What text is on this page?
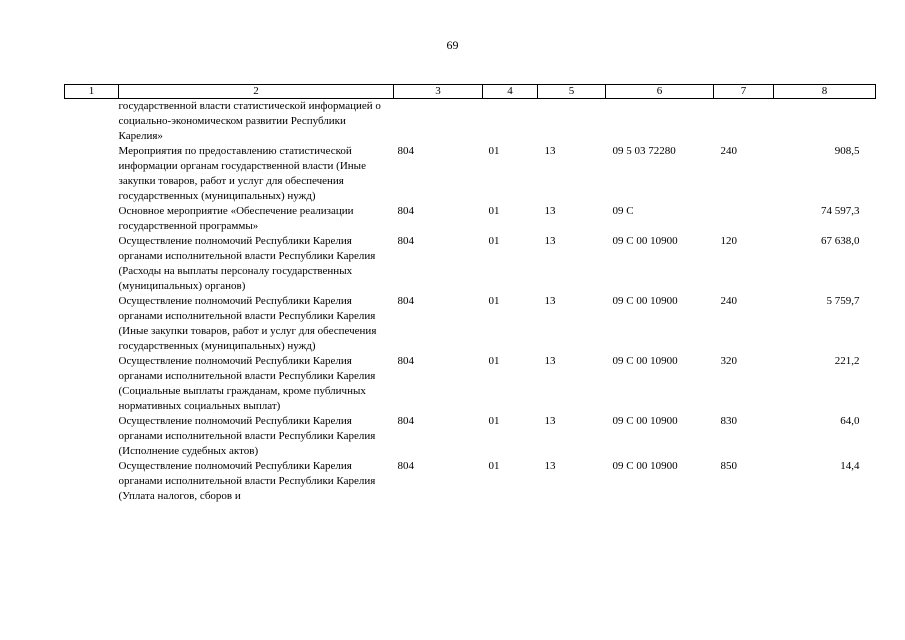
69
1	2	3	4	5	6	7	8
	государственной власти статистической информацией о социально-экономическом развитии Республики Карелия»						
	Мероприятия по предоставлению статистической информации органам государственной власти (Иные закупки товаров, работ и услуг для обеспечения государственных (муниципальных) нужд)	804	01	13	09 5 03 72280	240	908,5
	Основное мероприятие «Обеспечение реализации государственной программы»	804	01	13	09 С		74 597,3
	Осуществление полномочий Республики Карелия органами исполнительной власти Республики Карелия (Расходы на выплаты персоналу государственных (муниципальных) органов)	804	01	13	09 С 00 10900	120	67 638,0
	Осуществление полномочий Республики Карелия органами исполнительной власти Республики Карелия (Иные закупки товаров, работ и услуг для обеспечения государственных (муниципальных) нужд)	804	01	13	09 С 00 10900	240	5 759,7
	Осуществление полномочий Республики Карелия органами исполнительной власти Республики Карелия (Социальные выплаты гражданам, кроме публичных нормативных социальных выплат)	804	01	13	09 С 00 10900	320	221,2
	Осуществление полномочий Республики Карелия органами исполнительной власти Республики Карелия (Исполнение судебных актов)	804	01	13	09 С 00 10900	830	64,0
	Осуществление полномочий Республики Карелия органами исполнительной власти Республики Карелия (Уплата налогов, сборов и	804	01	13	09 С 00 10900	850	14,4
